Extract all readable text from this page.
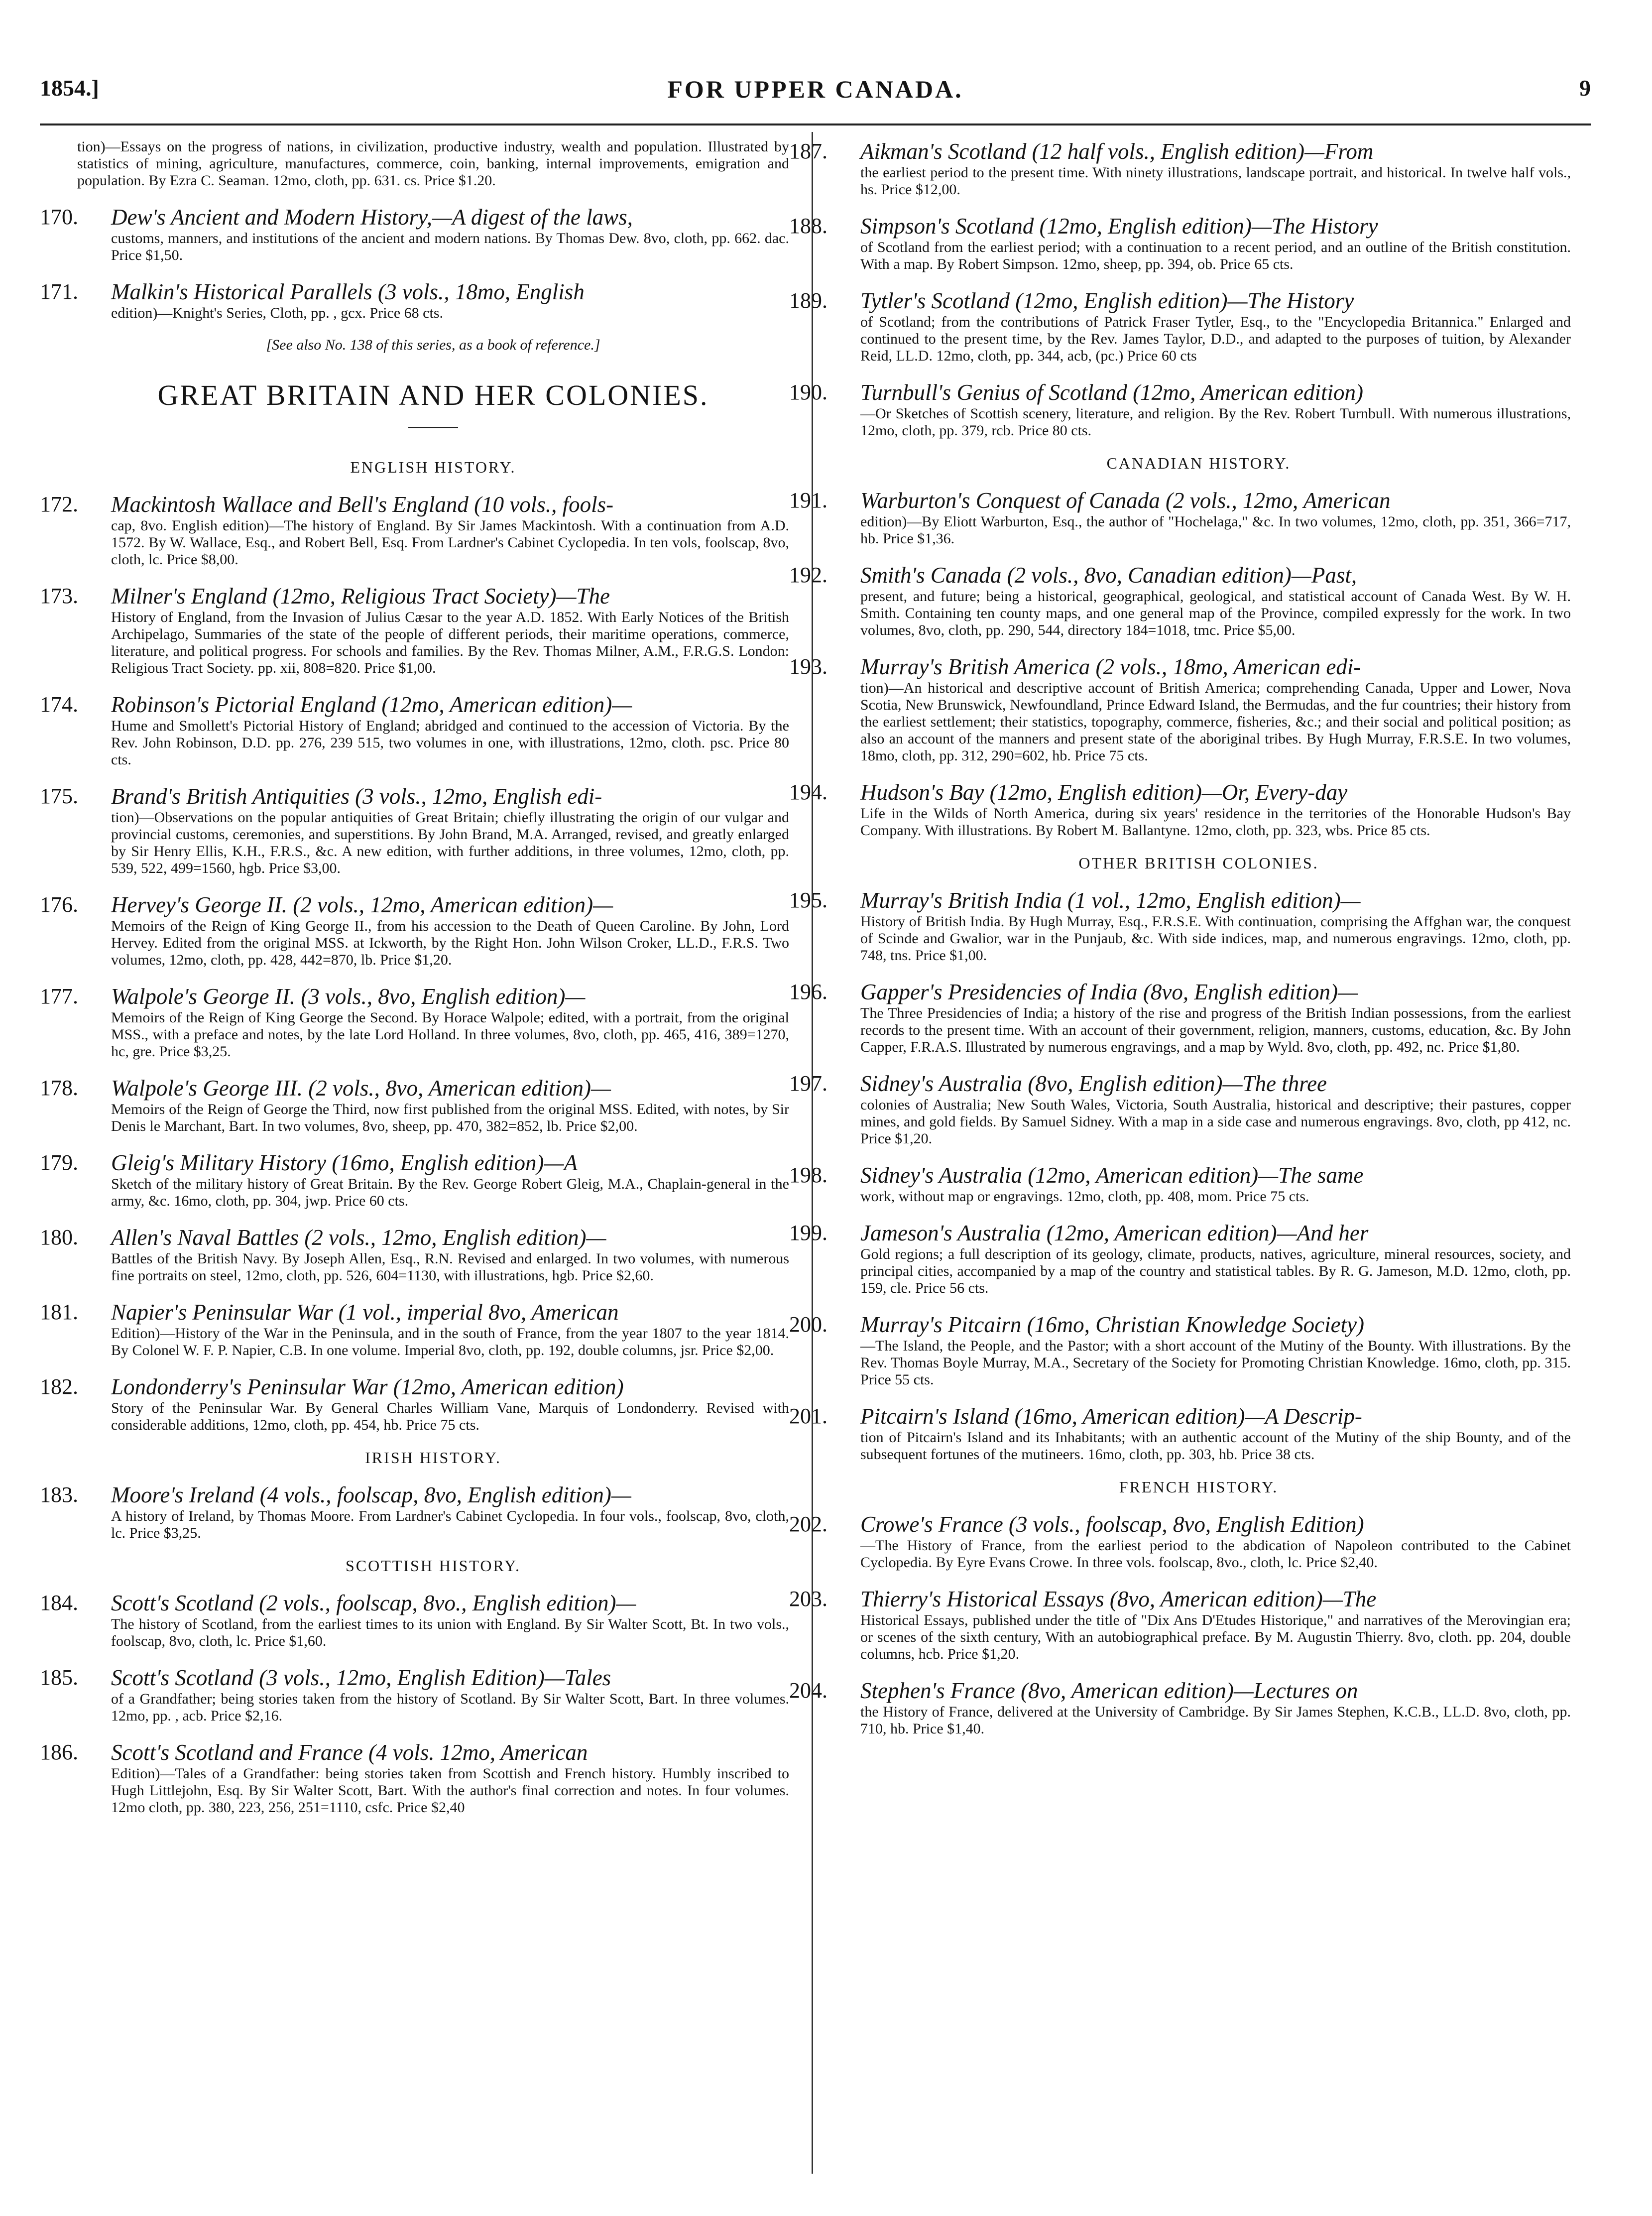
1854.]	FOR UPPER CANADA.	9
tion)—Essays on the progress of nations, in civilization, productive industry, wealth and population. Illustrated by statistics of mining, agriculture, manufactures, commerce, coin, banking, internal improvements, emigration and population. By Ezra C. Seaman. 12mo, cloth, pp. 631. cs. Price $1.20.
170.	Dew's Ancient and Modern History,—A digest of the laws,
customs, manners, and institutions of the ancient and modern nations. By Thomas Dew. 8vo, cloth, pp. 662. dac. Price $1,50.
171.	Malkin's Historical Parallels (3 vols., 18mo, English
edition)—Knight's Series, Cloth, pp. , gcx. Price 68 cts.
[See also No. 138 of this series, as a book of reference.]
GREAT BRITAIN AND HER COLONIES.
ENGLISH HISTORY.
172.	Mackintosh Wallace and Bell's England (10 vols., fools-
cap, 8vo. English edition)—The history of England. By Sir James Mackintosh. With a continuation from A.D. 1572. By W. Wallace, Esq., and Robert Bell, Esq. From Lardner's Cabinet Cyclopedia. In ten vols, foolscap, 8vo, cloth, lc. Price $8,00.
173.	Milner's England (12mo, Religious Tract Society)—The
History of England, from the Invasion of Julius Cæsar to the year A.D. 1852. With Early Notices of the British Archipelago, Summaries of the state of the people of different periods, their maritime operations, commerce, literature, and political progress. For schools and families. By the Rev. Thomas Milner, A.M., F.R.G.S. London: Religious Tract Society. pp. xii, 808=820. Price $1,00.
174.	Robinson's Pictorial England (12mo, American edition)—
Hume and Smollett's Pictorial History of England; abridged and continued to the accession of Victoria. By the Rev. John Robinson, D.D. pp. 276, 239 515, two volumes in one, with illustrations, 12mo, cloth. psc. Price 80 cts.
175.	Brand's British Antiquities (3 vols., 12mo, English edi-
tion)—Observations on the popular antiquities of Great Britain; chiefly illustrating the origin of our vulgar and provincial customs, ceremonies, and superstitions. By John Brand, M.A. Arranged, revised, and greatly enlarged by Sir Henry Ellis, K.H., F.R.S., &c. A new edition, with further additions, in three volumes, 12mo, cloth, pp. 539, 522, 499=1560, hgb. Price $3,00.
176.	Hervey's George II. (2 vols., 12mo, American edition)—
Memoirs of the Reign of King George II., from his accession to the Death of Queen Caroline. By John, Lord Hervey. Edited from the original MSS. at Ickworth, by the Right Hon. John Wilson Croker, LL.D., F.R.S. Two volumes, 12mo, cloth, pp. 428, 442=870, lb. Price $1,20.
177.	Walpole's George II. (3 vols., 8vo, English edition)—
Memoirs of the Reign of King George the Second. By Horace Walpole; edited, with a portrait, from the original MSS., with a preface and notes, by the late Lord Holland. In three volumes, 8vo, cloth, pp. 465, 416, 389=1270, hc, gre. Price $3,25.
178.	Walpole's George III. (2 vols., 8vo, American edition)—
Memoirs of the Reign of George the Third, now first published from the original MSS. Edited, with notes, by Sir Denis le Marchant, Bart. In two volumes, 8vo, sheep, pp. 470, 382=852, lb. Price $2,00.
179.	Gleig's Military History (16mo, English edition)—A
Sketch of the military history of Great Britain. By the Rev. George Robert Gleig, M.A., Chaplain-general in the army, &c. 16mo, cloth, pp. 304, jwp. Price 60 cts.
180.	Allen's Naval Battles (2 vols., 12mo, English edition)—
Battles of the British Navy. By Joseph Allen, Esq., R.N. Revised and enlarged. In two volumes, with numerous fine portraits on steel, 12mo, cloth, pp. 526, 604=1130, with illustrations, hgb. Price $2,60.
181.	Napier's Peninsular War (1 vol., imperial 8vo, American
Edition)—History of the War in the Peninsula, and in the south of France, from the year 1807 to the year 1814. By Colonel W. F. P. Napier, C.B. In one volume. Imperial 8vo, cloth, pp. 192, double columns, jsr. Price $2,00.
182.	Londonderry's Peninsular War (12mo, American edition)
Story of the Peninsular War. By General Charles William Vane, Marquis of Londonderry. Revised with considerable additions, 12mo, cloth, pp. 454, hb. Price 75 cts.
IRISH HISTORY.
183.	Moore's Ireland (4 vols., foolscap, 8vo, English edition)—
A history of Ireland, by Thomas Moore. From Lardner's Cabinet Cyclopedia. In four vols., foolscap, 8vo, cloth, lc. Price $3,25.
SCOTTISH HISTORY.
184.	Scott's Scotland (2 vols., foolscap, 8vo., English edition)—
The history of Scotland, from the earliest times to its union with England. By Sir Walter Scott, Bt. In two vols., foolscap, 8vo, cloth, lc. Price $1,60.
185.	Scott's Scotland (3 vols., 12mo, English Edition)—Tales
of a Grandfather; being stories taken from the history of Scotland. By Sir Walter Scott, Bart. In three volumes. 12mo, pp. , acb. Price $2,16.
186.	Scott's Scotland and France (4 vols. 12mo, American
Edition)—Tales of a Grandfather: being stories taken from Scottish and French history. Humbly inscribed to Hugh Littlejohn, Esq. By Sir Walter Scott, Bart. With the author's final correction and notes. In four volumes. 12mo cloth, pp. 380, 223, 256, 251=1110, csfc. Price $2,40
187.	Aikman's Scotland (12 half vols., English edition)—From
the earliest period to the present time. With ninety illustrations, landscape portrait, and historical. In twelve half vols., hs. Price $12,00.
188.	Simpson's Scotland (12mo, English edition)—The History
of Scotland from the earliest period; with a continuation to a recent period, and an outline of the British constitution. With a map. By Robert Simpson. 12mo, sheep, pp. 394, ob. Price 65 cts.
189.	Tytler's Scotland (12mo, English edition)—The History
of Scotland; from the contributions of Patrick Fraser Tytler, Esq., to the "Encyclopedia Britannica." Enlarged and continued to the present time, by the Rev. James Taylor, D.D., and adapted to the purposes of tuition, by Alexander Reid, LL.D. 12mo, cloth, pp. 344, acb, (pc.) Price 60 cts
190.	Turnbull's Genius of Scotland (12mo, American edition)
—Or Sketches of Scottish scenery, literature, and religion. By the Rev. Robert Turnbull. With numerous illustrations, 12mo, cloth, pp. 379, rcb. Price 80 cts.
CANADIAN HISTORY.
191.	Warburton's Conquest of Canada (2 vols., 12mo, American
edition)—By Eliott Warburton, Esq., the author of "Hochelaga," &c. In two volumes, 12mo, cloth, pp. 351, 366=717, hb. Price $1,36.
192.	Smith's Canada (2 vols., 8vo, Canadian edition)—Past,
present, and future; being a historical, geographical, geological, and statistical account of Canada West. By W. H. Smith. Containing ten county maps, and one general map of the Province, compiled expressly for the work. In two volumes, 8vo, cloth, pp. 290, 544, directory 184=1018, tmc. Price $5,00.
193.	Murray's British America (2 vols., 18mo, American edi-
tion)—An historical and descriptive account of British America; comprehending Canada, Upper and Lower, Nova Scotia, New Brunswick, Newfoundland, Prince Edward Island, the Bermudas, and the fur countries; their history from the earliest settlement; their statistics, topography, commerce, fisheries, &c.; and their social and political position; as also an account of the manners and present state of the aboriginal tribes. By Hugh Murray, F.R.S.E. In two volumes, 18mo, cloth, pp. 312, 290=602, hb. Price 75 cts.
194.	Hudson's Bay (12mo, English edition)—Or, Every-day
Life in the Wilds of North America, during six years' residence in the territories of the Honorable Hudson's Bay Company. With illustrations. By Robert M. Ballantyne. 12mo, cloth, pp. 323, wbs. Price 85 cts.
OTHER BRITISH COLONIES.
195.	Murray's British India (1 vol., 12mo, English edition)—
History of British India. By Hugh Murray, Esq., F.R.S.E. With continuation, comprising the Affghan war, the conquest of Scinde and Gwalior, war in the Punjaub, &c. With side indices, map, and numerous engravings. 12mo, cloth, pp. 748, tns. Price $1,00.
196.	Gapper's Presidencies of India (8vo, English edition)—
The Three Presidencies of India; a history of the rise and progress of the British Indian possessions, from the earliest records to the present time. With an account of their government, religion, manners, customs, education, &c. By John Capper, F.R.A.S. Illustrated by numerous engravings, and a map by Wyld. 8vo, cloth, pp. 492, nc. Price $1,80.
197.	Sidney's Australia (8vo, English edition)—The three
colonies of Australia; New South Wales, Victoria, South Australia, historical and descriptive; their pastures, copper mines, and gold fields. By Samuel Sidney. With a map in a side case and numerous engravings. 8vo, cloth, pp 412, nc. Price $1,20.
198.	Sidney's Australia (12mo, American edition)—The same
work, without map or engravings. 12mo, cloth, pp. 408, mom. Price 75 cts.
199.	Jameson's Australia (12mo, American edition)—And her
Gold regions; a full description of its geology, climate, products, natives, agriculture, mineral resources, society, and principal cities, accompanied by a map of the country and statistical tables. By R. G. Jameson, M.D. 12mo, cloth, pp. 159, cle. Price 56 cts.
200.	Murray's Pitcairn (16mo, Christian Knowledge Society)
—The Island, the People, and the Pastor; with a short account of the Mutiny of the Bounty. With illustrations. By the Rev. Thomas Boyle Murray, M.A., Secretary of the Society for Promoting Christian Knowledge. 16mo, cloth, pp. 315. Price 55 cts.
201.	Pitcairn's Island (16mo, American edition)—A Descrip-
tion of Pitcairn's Island and its Inhabitants; with an authentic account of the Mutiny of the ship Bounty, and of the subsequent fortunes of the mutineers. 16mo, cloth, pp. 303, hb. Price 38 cts.
FRENCH HISTORY.
202.	Crowe's France (3 vols., foolscap, 8vo, English Edition)
—The History of France, from the earliest period to the abdication of Napoleon contributed to the Cabinet Cyclopedia. By Eyre Evans Crowe. In three vols. foolscap, 8vo., cloth, lc. Price $2,40.
203.	Thierry's Historical Essays (8vo, American edition)—The
Historical Essays, published under the title of "Dix Ans D'Etudes Historique," and narratives of the Merovingian era; or scenes of the sixth century, With an autobiographical preface. By M. Augustin Thierry. 8vo, cloth. pp. 204, double columns, hcb. Price $1,20.
204.	Stephen's France (8vo, American edition)—Lectures on
the History of France, delivered at the University of Cambridge. By Sir James Stephen, K.C.B., LL.D. 8vo, cloth, pp. 710, hb. Price $1,40.
